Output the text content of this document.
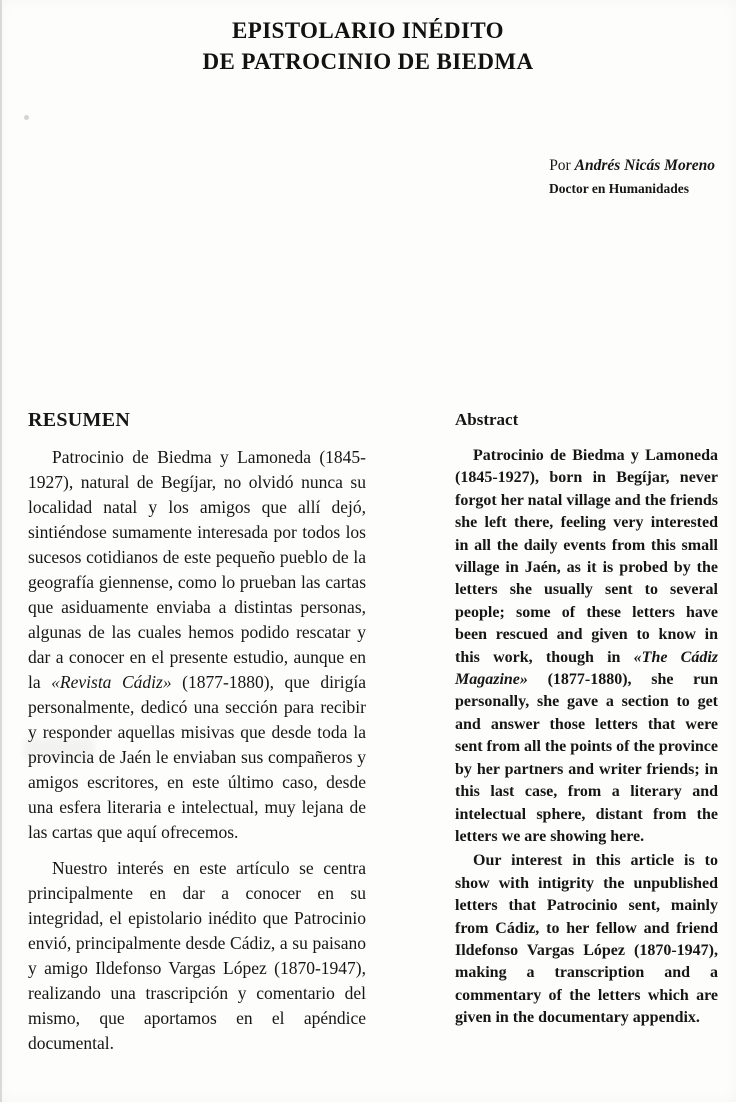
EPISTOLARIO INÉDITO
DE PATROCINIO DE BIEDMA
Por Andrés Nicás Moreno
Doctor en Humanidades
RESUMEN

Patrocinio de Biedma y Lamoneda (1845-1927), natural de Begíjar, no olvidó nunca su localidad natal y los amigos que allí dejó, sintiéndose sumamente interesada por todos los sucesos cotidianos de este pequeño pueblo de la geografía giennense, como lo prueban las cartas que asiduamente enviaba a distintas personas, algunas de las cuales hemos podido rescatar y dar a conocer en el presente estudio, aunque en la «Revista Cádiz» (1877-1880), que dirigía personalmente, dedicó una sección para recibir y responder aquellas misivas que desde toda la provincia de Jaén le enviaban sus compañeros y amigos escritores, en este último caso, desde una esfera literaria e intelectual, muy lejana de las cartas que aquí ofrecemos.

Nuestro interés en este artículo se centra principalmente en dar a conocer en su integridad, el epistolario inédito que Patrocinio envió, principalmente desde Cádiz, a su paisano y amigo Ildefonso Vargas López (1870-1947), realizando una trascripción y comentario del mismo, que aportamos en el apéndice documental.

Abstract

Patrocinio de Biedma y Lamoneda (1845-1927), born in Begíjar, never forgot her natal village and the friends she left there, feeling very interested in all the daily events from this small village in Jaén, as it is probed by the letters she usually sent to several people; some of these letters have been rescued and given to know in this work, though in «The Cádiz Magazine» (1877-1880), she run personally, she gave a section to get and answer those letters that were sent from all the points of the province by her partners and writer friends; in this last case, from a literary and intelectual sphere, distant from the letters we are showing here.

Our interest in this article is to show with intigrity the unpublished letters that Patrocinio sent, mainly from Cádiz, to her fellow and friend Ildefonso Vargas López (1870-1947), making a transcription and a commentary of the letters which are given in the documentary appendix.
